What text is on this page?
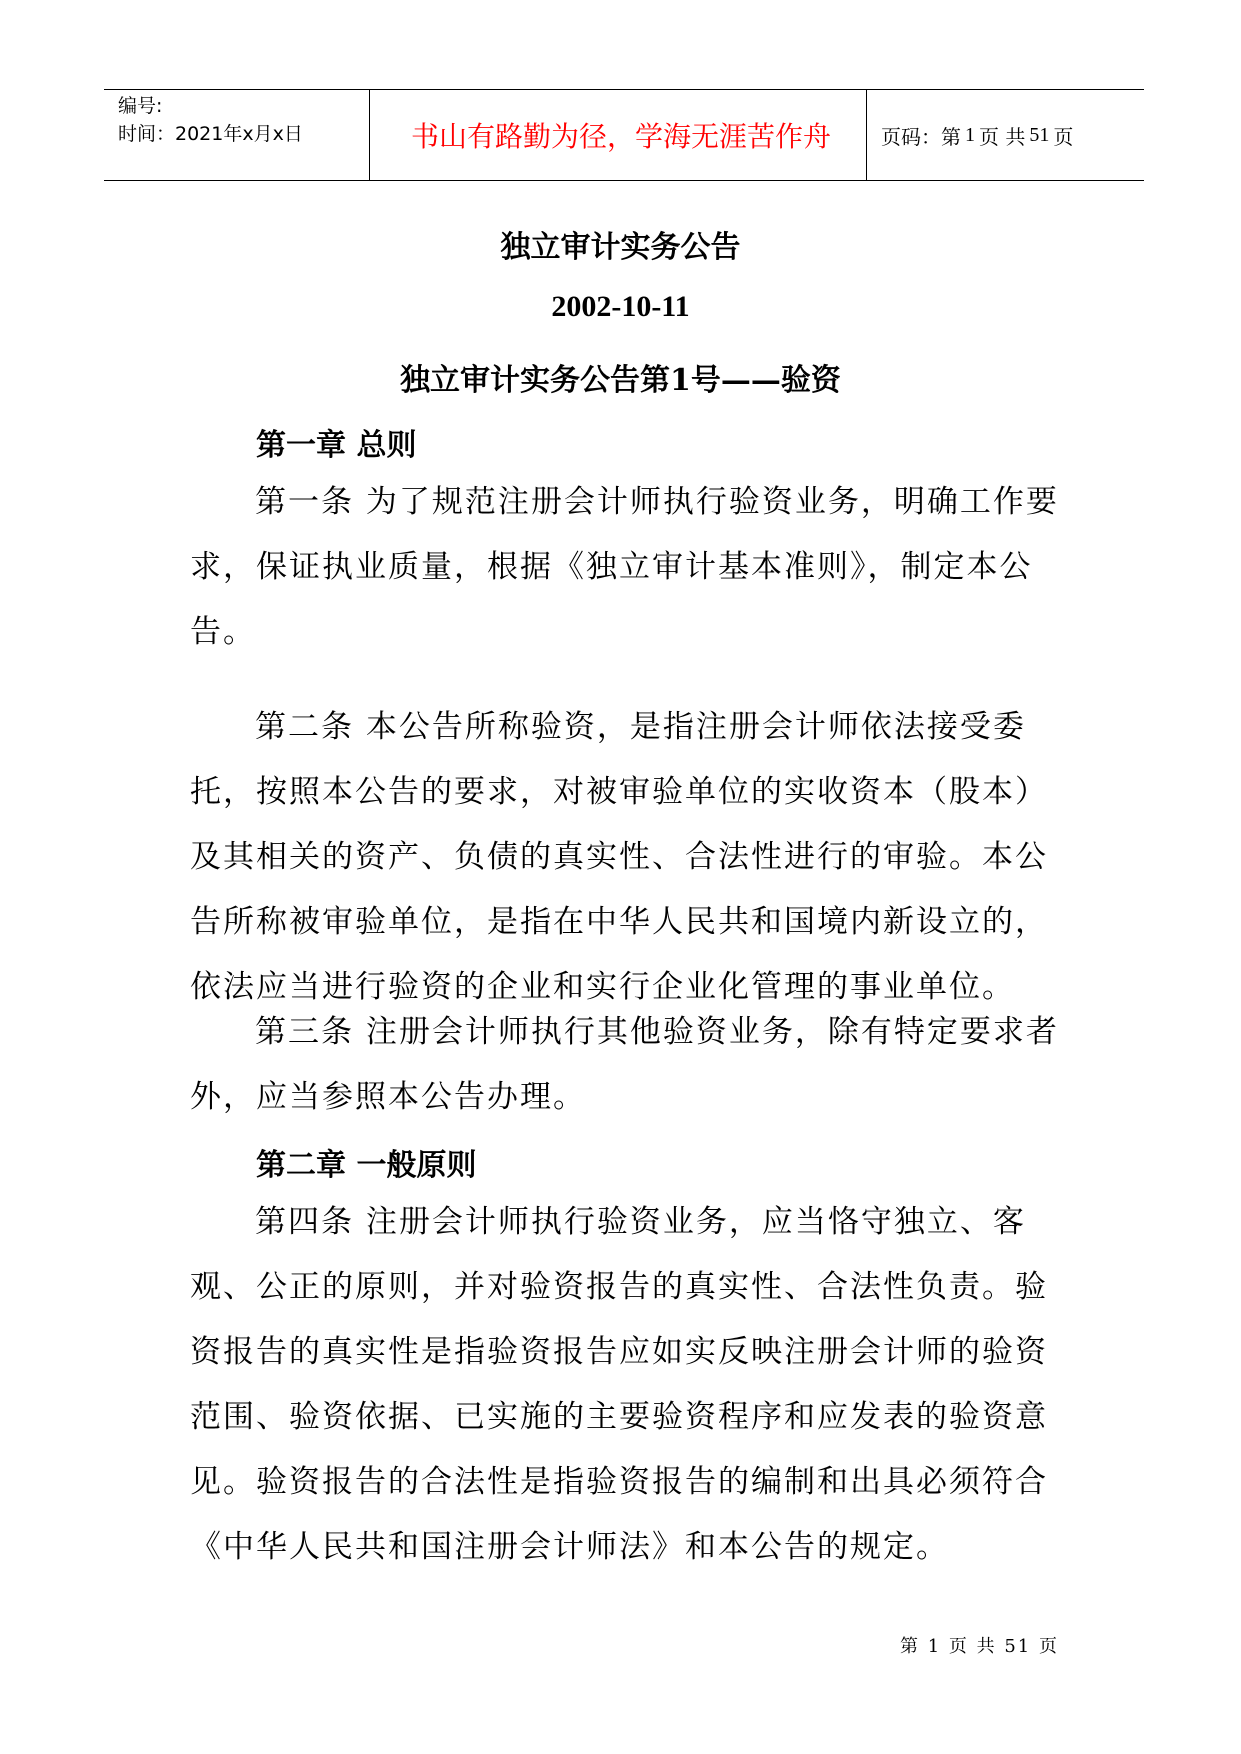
编号:
时间：2021年x月x日	书山有路勤为径，学海无涯苦作舟	页码：第 1 页 共 51 页
独立审计实务公告
2002-10-11
独立审计实务公告第1号——验资
第一章 总则
第一条 为了规范注册会计师执行验资业务，明确工作要求，保证执业质量，根据《独立审计基本准则》，制定本公告。
第二条 本公告所称验资，是指注册会计师依法接受委托，按照本公告的要求，对被审验单位的实收资本（股本）及其相关的资产、负债的真实性、合法性进行的审验。本公告所称被审验单位，是指在中华人民共和国境内新设立的，依法应当进行验资的企业和实行企业化管理的事业单位。
第三条 注册会计师执行其他验资业务，除有特定要求者外，应当参照本公告办理。
第二章 一般原则
第四条 注册会计师执行验资业务，应当恪守独立、客观、公正的原则，并对验资报告的真实性、合法性负责。验资报告的真实性是指验资报告应如实反映注册会计师的验资范围、验资依据、已实施的主要验资程序和应发表的验资意见。验资报告的合法性是指验资报告的编制和出具必须符合《中华人民共和国注册会计师法》和本公告的规定。
第 1 页 共 51 页
